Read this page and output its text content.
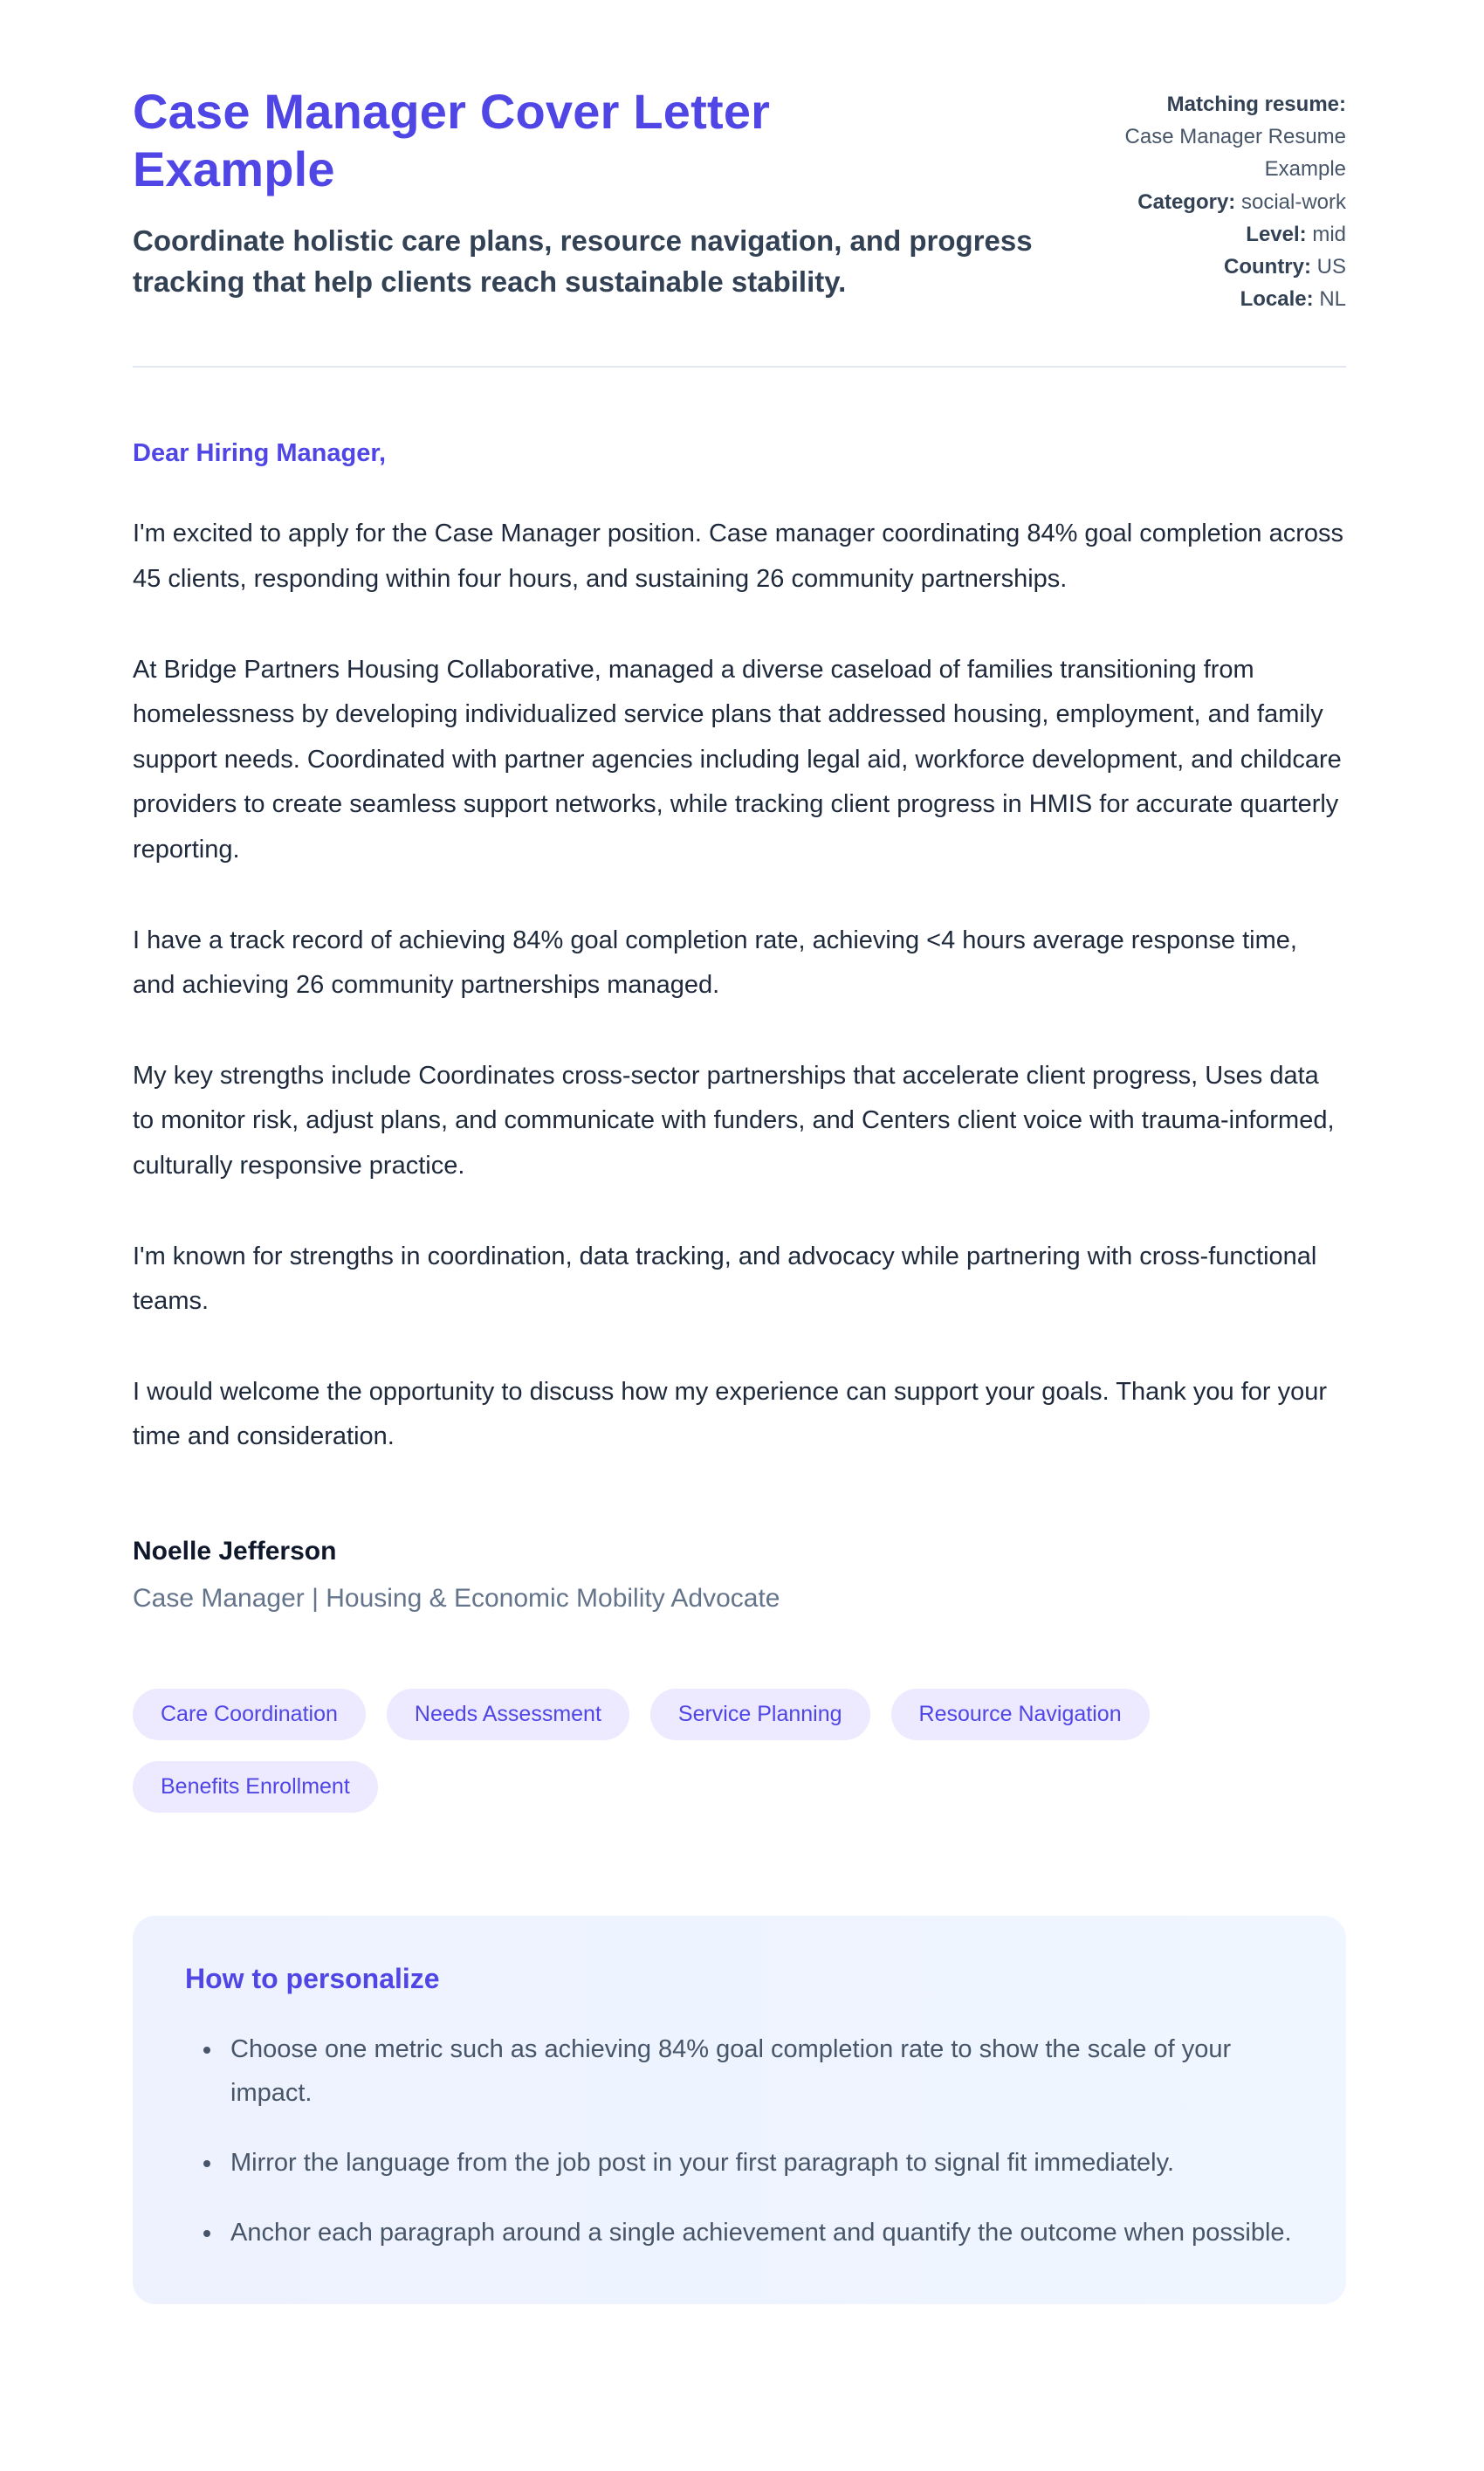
Case Manager Cover Letter Example

Coordinate holistic care plans, resource navigation, and progress tracking that help clients reach sustainable stability.

Matching resume:
Case Manager Resume Example
Category: social-work
Level: mid
Country: US
Locale: NL

Dear Hiring Manager,

I'm excited to apply for the Case Manager position. Case manager coordinating 84% goal completion across 45 clients, responding within four hours, and sustaining 26 community partnerships.

At Bridge Partners Housing Collaborative, managed a diverse caseload of families transitioning from homelessness by developing individualized service plans that addressed housing, employment, and family support needs. Coordinated with partner agencies including legal aid, workforce development, and childcare providers to create seamless support networks, while tracking client progress in HMIS for accurate quarterly reporting.

I have a track record of achieving 84% goal completion rate, achieving <4 hours average response time, and achieving 26 community partnerships managed.

My key strengths include Coordinates cross-sector partnerships that accelerate client progress, Uses data to monitor risk, adjust plans, and communicate with funders, and Centers client voice with trauma-informed, culturally responsive practice.

I'm known for strengths in coordination, data tracking, and advocacy while partnering with cross-functional teams.

I would welcome the opportunity to discuss how my experience can support your goals. Thank you for your time and consideration.

Noelle Jefferson

Case Manager | Housing & Economic Mobility Advocate

Care Coordination	Needs Assessment	Service Planning	Resource Navigation
Benefits Enrollment
How to personalize
• Choose one metric such as achieving 84% goal completion rate to show the scale of your impact.
• Mirror the language from the job post in your first paragraph to signal fit immediately.
• Anchor each paragraph around a single achievement and quantify the outcome when possible.
